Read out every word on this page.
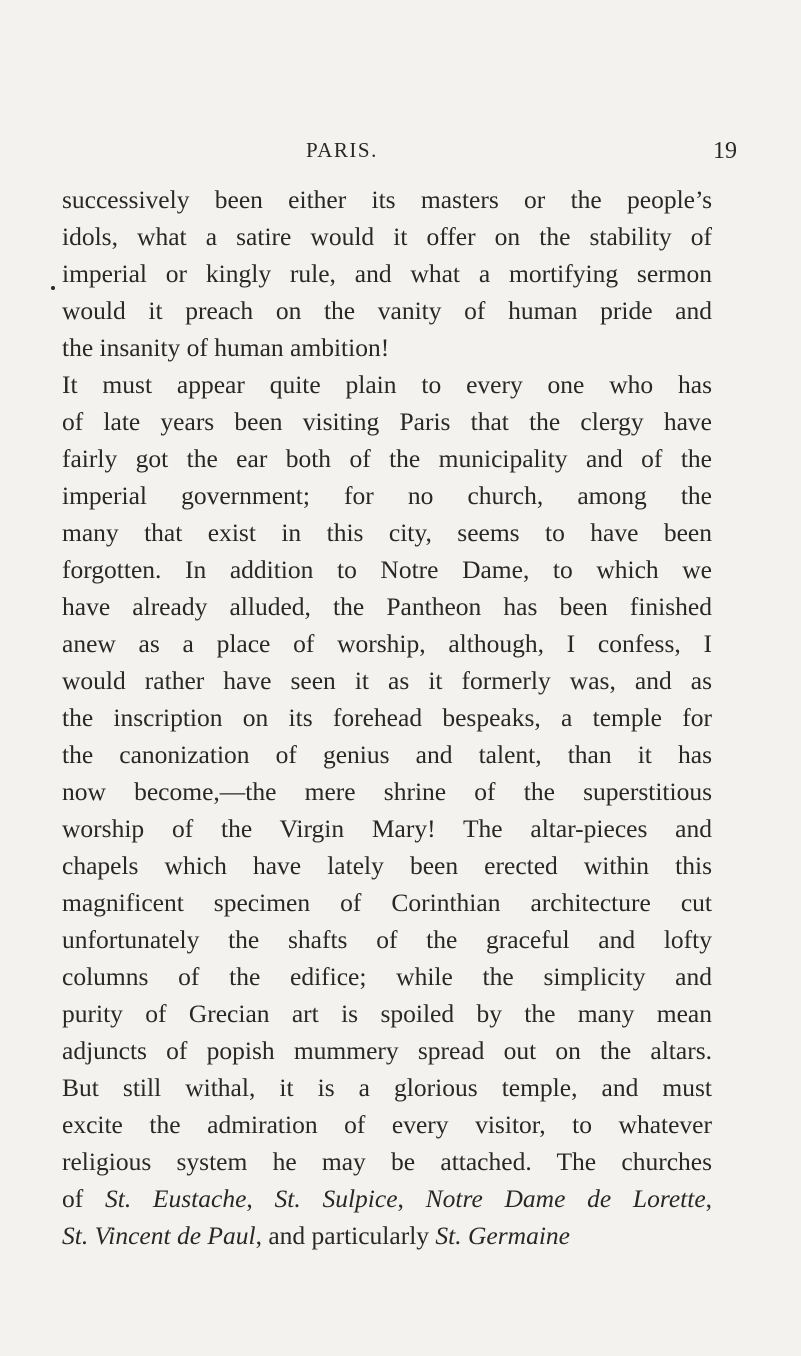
PARIS.	19
successively been either its masters or the people’s
idols, what a satire would it offer on the stability of
imperial or kingly rule, and what a mortifying sermon
would it preach on the vanity of human pride and
the insanity of human ambition!
It must appear quite plain to every one who has
of late years been visiting Paris that the clergy have
fairly got the ear both of the municipality and of the
imperial government; for no church, among the
many that exist in this city, seems to have been
forgotten. In addition to Notre Dame, to which we
have already alluded, the Pantheon has been finished
anew as a place of worship, although, I confess, I
would rather have seen it as it formerly was, and as
the inscription on its forehead bespeaks, a temple for
the canonization of genius and talent, than it has
now become,—the mere shrine of the superstitious
worship of the Virgin Mary! The altar-pieces and
chapels which have lately been erected within this
magnificent specimen of Corinthian architecture cut
unfortunately the shafts of the graceful and lofty
columns of the edifice; while the simplicity and
purity of Grecian art is spoiled by the many mean
adjuncts of popish mummery spread out on the altars.
But still withal, it is a glorious temple, and must
excite the admiration of every visitor, to whatever
religious system he may be attached. The churches
of St. Eustache, St. Sulpice, Notre Dame de Lorette,
St. Vincent de Paul, and particularly St. Germaine
